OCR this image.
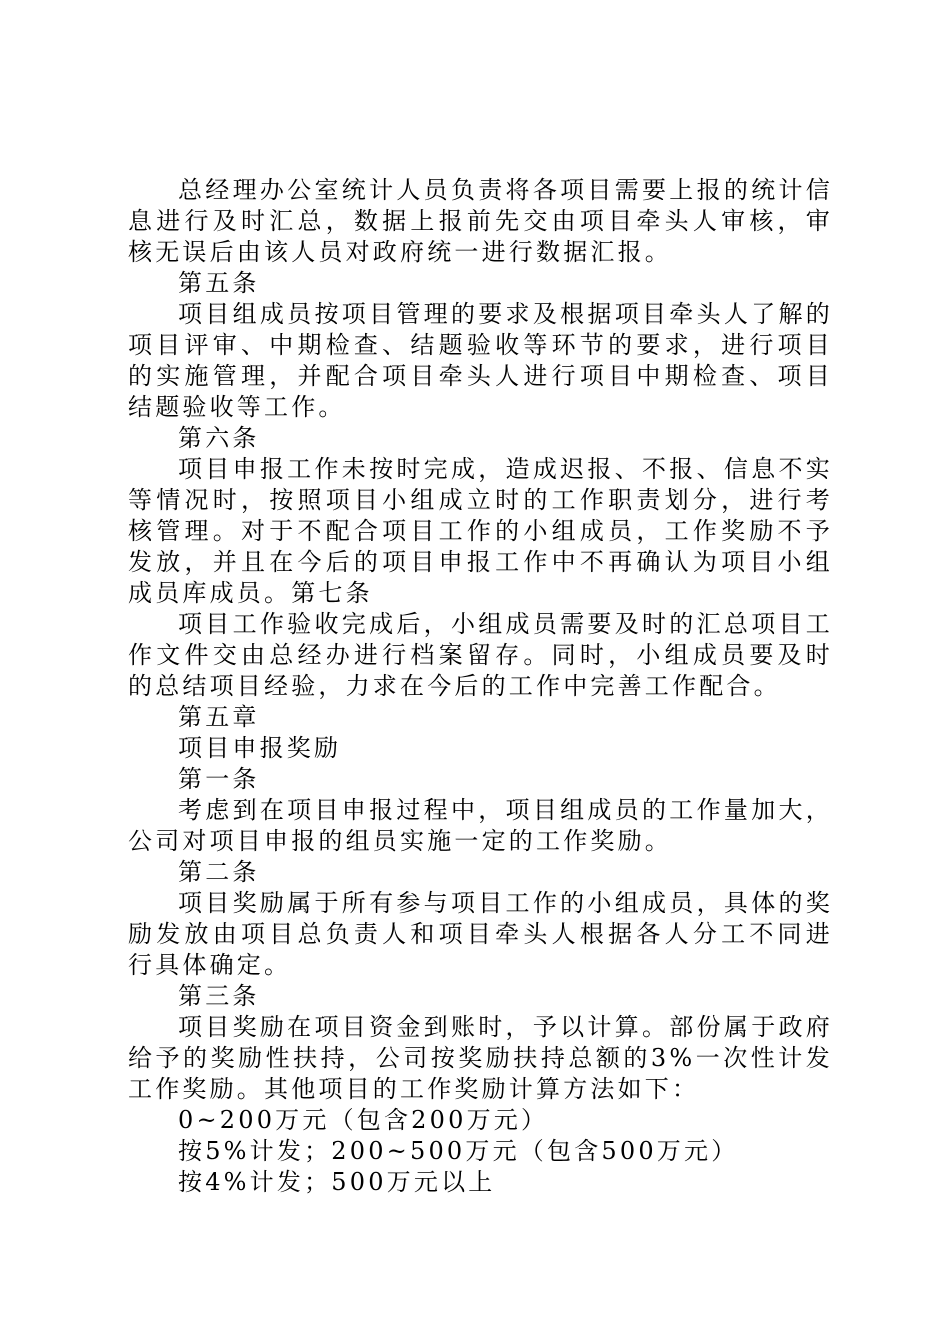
总经理办公室统计人员负责将各项目需要上报的统计信息进行及时汇总，数据上报前先交由项目牵头人审核，审核无误后由该人员对政府统一进行数据汇报。

第五条

项目组成员按项目管理的要求及根据项目牵头人了解的项目评审、中期检查、结题验收等环节的要求，进行项目的实施管理，并配合项目牵头人进行项目中期检查、项目结题验收等工作。

第六条

项目申报工作未按时完成，造成迟报、不报、信息不实等情况时，按照项目小组成立时的工作职责划分，进行考核管理。对于不配合项目工作的小组成员，工作奖励不予发放，并且在今后的项目申报工作中不再确认为项目小组成员库成员。第七条

项目工作验收完成后，小组成员需要及时的汇总项目工作文件交由总经办进行档案留存。同时，小组成员要及时的总结项目经验，力求在今后的工作中完善工作配合。

第五章

项目申报奖励

第一条

考虑到在项目申报过程中，项目组成员的工作量加大，公司对项目申报的组员实施一定的工作奖励。

第二条

项目奖励属于所有参与项目工作的小组成员，具体的奖励发放由项目总负责人和项目牵头人根据各人分工不同进行具体确定。

第三条

项目奖励在项目资金到账时，予以计算。部份属于政府给予的奖励性扶持，公司按奖励扶持总额的3%一次性计发工作奖励。其他项目的工作奖励计算方法如下：

0~200万元（包含200万元）

按5%计发；200~500万元（包含500万元）

按4%计发；500万元以上
